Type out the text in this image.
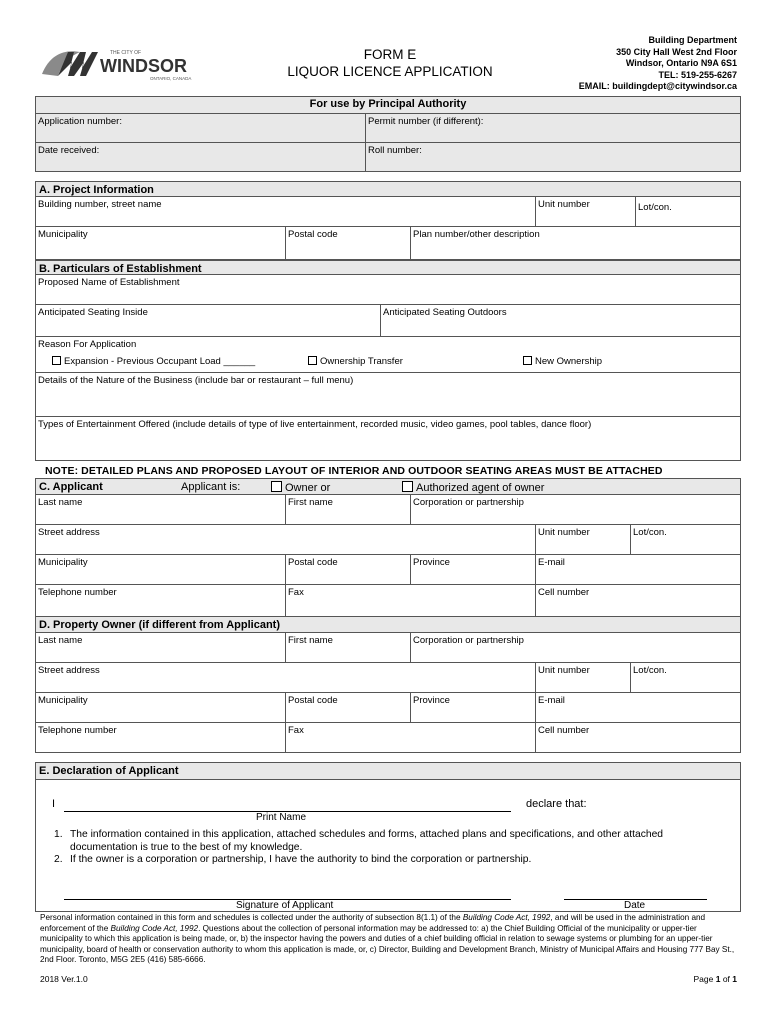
WINDSOR
THE CITY OF
ONTARIO, CANADA
FORM E
LIQUOR LICENCE APPLICATION
Building Department
350 City Hall West 2nd Floor
Windsor, Ontario N9A 6S1
TEL: 519-255-6267
EMAIL: buildingdept@citywindsor.ca
For use by Principal Authority
Application number:	Permit number (if different):
Date received:	Roll number:
A. Project Information
Building number, street name	Unit number	Lot/con.
Municipality	Postal code	Plan number/other description
B. Particulars of Establishment
Proposed Name of Establishment
Anticipated Seating Inside	Anticipated Seating Outdoors
Reason For Application
Expansion - Previous Occupant Load ______	Ownership Transfer	New Ownership
Details of the Nature of the Business (include bar or restaurant – full menu)
Types of Entertainment Offered (include details of type of live entertainment, recorded music, video games, pool tables, dance floor)
NOTE: DETAILED PLANS AND PROPOSED LAYOUT OF INTERIOR AND OUTDOOR SEATING AREAS MUST BE ATTACHED
C. Applicant	Applicant is:	Owner or	Authorized agent of owner
Last name	First name	Corporation or partnership
Street address	Unit number	Lot/con.
Municipality	Postal code	Province	E-mail
Telephone number	Fax	Cell number
D. Property Owner (if different from Applicant)
Last name	First name	Corporation or partnership
Street address	Unit number	Lot/con.
Municipality	Postal code	Province	E-mail
Telephone number	Fax	Cell number
E. Declaration of Applicant
I	declare that:
Print Name
1. The information contained in this application, attached schedules and forms, attached plans and specifications, and other attached documentation is true to the best of my knowledge.
2. If the owner is a corporation or partnership, I have the authority to bind the corporation or partnership.
Signature of Applicant	Date
Personal information contained in this form and schedules is collected under the authority of subsection 8(1.1) of the Building Code Act, 1992, and will be used in the administration and enforcement of the Building Code Act, 1992. Questions about the collection of personal information may be addressed to: a) the Chief Building Official of the municipality or upper-tier municipality to which this application is being made, or, b) the inspector having the powers and duties of a chief building official in relation to sewage systems or plumbing for an upper-tier municipality, board of health or conservation authority to whom this application is made, or, c) Director, Building and Development Branch, Ministry of Municipal Affairs and Housing 777 Bay St., 2nd Floor. Toronto, M5G 2E5 (416) 585-6666.
2018 Ver.1.0	Page 1 of 1
